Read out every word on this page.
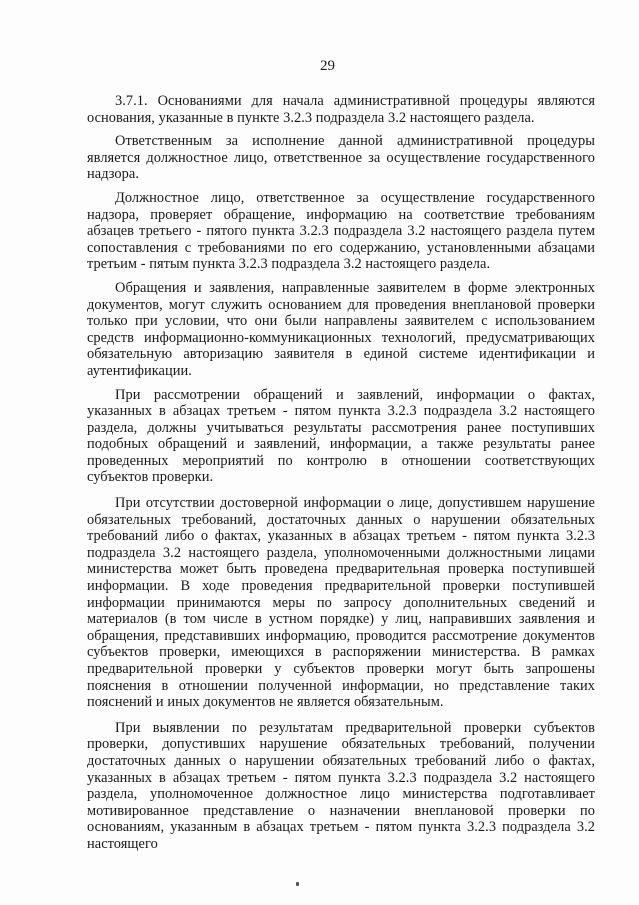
29

3.7.1. Основаниями для начала административной процедуры являются основания, указанные в пункте 3.2.3 подраздела 3.2 настоящего раздела.

Ответственным за исполнение данной административной процедуры является должностное лицо, ответственное за осуществление государственного надзора.

Должностное лицо, ответственное за осуществление государственного надзора, проверяет обращение, информацию на соответствие требованиям абзацев третьего - пятого пункта 3.2.3 подраздела 3.2 настоящего раздела путем сопоставления с требованиями по его содержанию, установленными абзацами третьим - пятым пункта 3.2.3 подраздела 3.2 настоящего раздела.

Обращения и заявления, направленные заявителем в форме электронных документов, могут служить основанием для проведения внеплановой проверки только при условии, что они были направлены заявителем с использованием средств информационно-коммуникационных технологий, предусматривающих обязательную авторизацию заявителя в единой системе идентификации и аутентификации.

При рассмотрении обращений и заявлений, информации о фактах, указанных в абзацах третьем - пятом пункта 3.2.3 подраздела 3.2 настоящего раздела, должны учитываться результаты рассмотрения ранее поступивших подобных обращений и заявлений, информации, а также результаты ранее проведенных мероприятий по контролю в отношении соответствующих субъектов проверки.

При отсутствии достоверной информации о лице, допустившем нарушение обязательных требований, достаточных данных о нарушении обязательных требований либо о фактах, указанных в абзацах третьем - пятом пункта 3.2.3 подраздела 3.2 настоящего раздела, уполномоченными должностными лицами министерства может быть проведена предварительная проверка поступившей информации. В ходе проведения предварительной проверки поступившей информации принимаются меры по запросу дополнительных сведений и материалов (в том числе в устном порядке) у лиц, направивших заявления и обращения, представивших информацию, проводится рассмотрение документов субъектов проверки, имеющихся в распоряжении министерства. В рамках предварительной проверки у субъектов проверки могут быть запрошены пояснения в отношении полученной информации, но представление таких пояснений и иных документов не является обязательным.

При выявлении по результатам предварительной проверки субъектов проверки, допустивших нарушение обязательных требований, получении достаточных данных о нарушении обязательных требований либо о фактах, указанных в абзацах третьем - пятом пункта 3.2.3 подраздела 3.2 настоящего раздела, уполномоченное должностное лицо министерства подготавливает мотивированное представление о назначении внеплановой проверки по основаниям, указанным в абзацах третьем - пятом пункта 3.2.3 подраздела 3.2 настоящего
